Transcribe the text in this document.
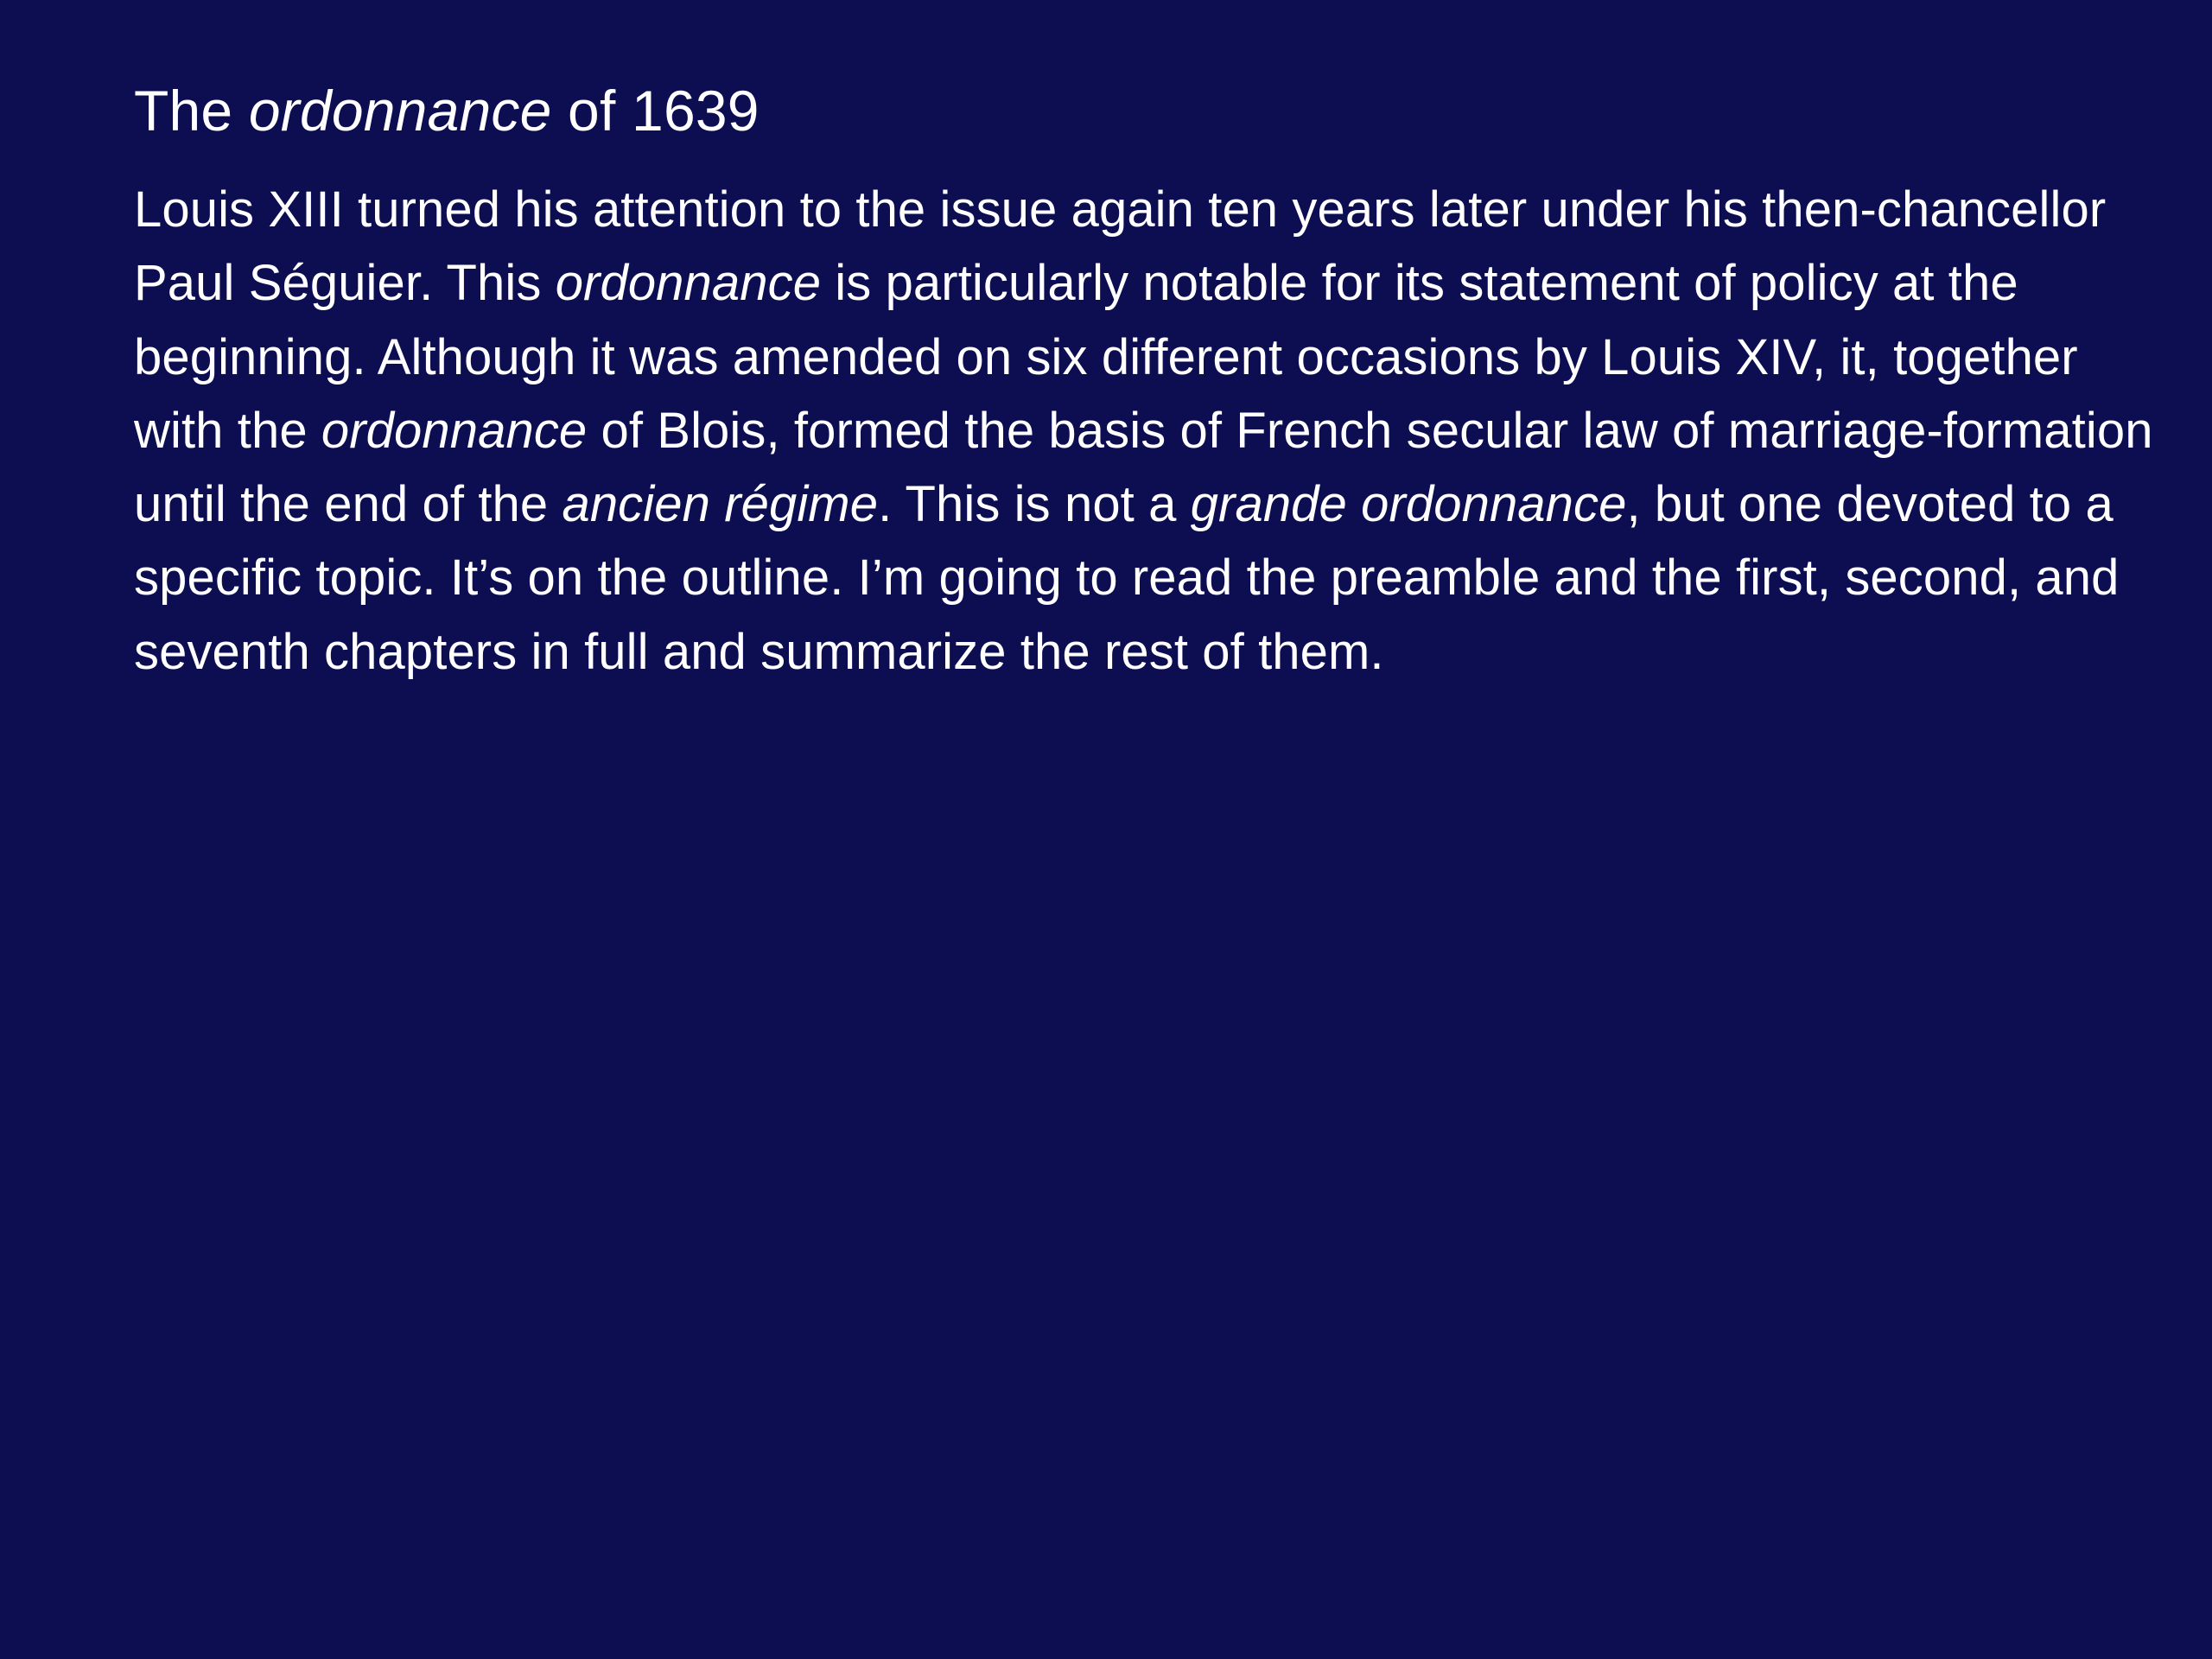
The ordonnance of 1639
Louis XIII turned his attention to the issue again ten years later under his then-chancellor Paul Séguier. This ordonnance is particularly notable for its statement of policy at the beginning. Although it was amended on six different occasions by Louis XIV, it, together with the ordonnance of Blois, formed the basis of French secular law of marriage-formation until the end of the ancien régime. This is not a grande ordonnance, but one devoted to a specific topic. It’s on the outline. I’m going to read the preamble and the first, second, and seventh chapters in full and summarize the rest of them.
